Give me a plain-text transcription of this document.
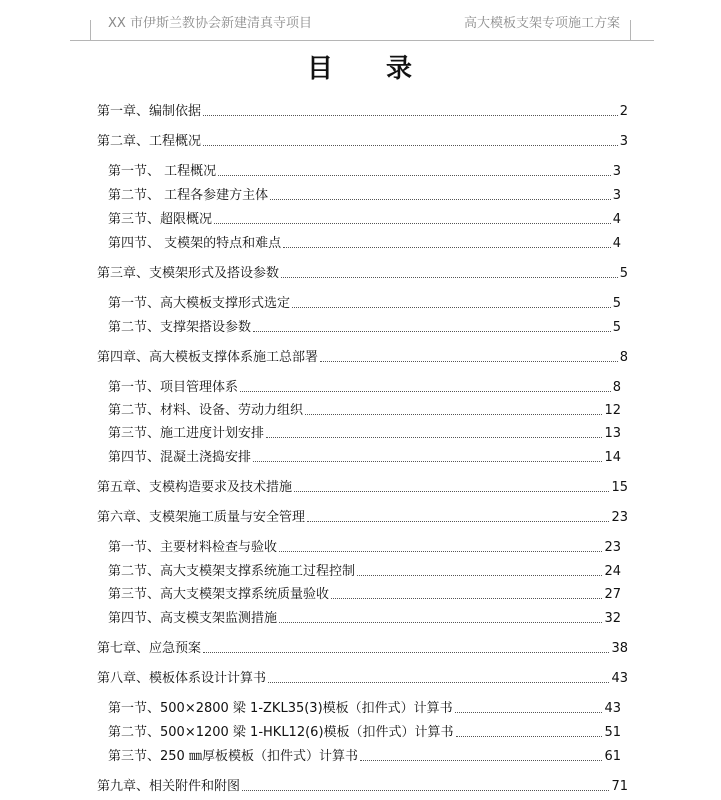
XX 市伊斯兰教协会新建清真寺项目	高大模板支架专项施工方案
目 录
第一章、编制依据	2
第二章、工程概况	3
第一节、 工程概况	3
第二节、 工程各参建方主体	3
第三节、超限概况	4
第四节、 支模架的特点和难点	4
第三章、支模架形式及搭设参数	5
第一节、高大模板支撑形式选定	5
第二节、支撑架搭设参数	5
第四章、高大模板支撑体系施工总部署	8
第一节、项目管理体系	8
第二节、材料、设备、劳动力组织	12
第三节、施工进度计划安排	13
第四节、混凝土浇捣安排	14
第五章、支模构造要求及技术措施	15
第六章、支模架施工质量与安全管理	23
第一节、主要材料检查与验收	23
第二节、高大支模架支撑系统施工过程控制	24
第三节、高大支模架支撑系统质量验收	27
第四节、高支模支架监测措施	32
第七章、应急预案	38
第八章、模板体系设计计算书	43
第一节、500×2800 梁 1-ZKL35(3)模板（扣件式）计算书	43
第二节、500×1200 梁 1-HKL12(6)模板（扣件式）计算书	51
第三节、250 ㎜厚板模板（扣件式）计算书	61
第九章、相关附件和附图	71
